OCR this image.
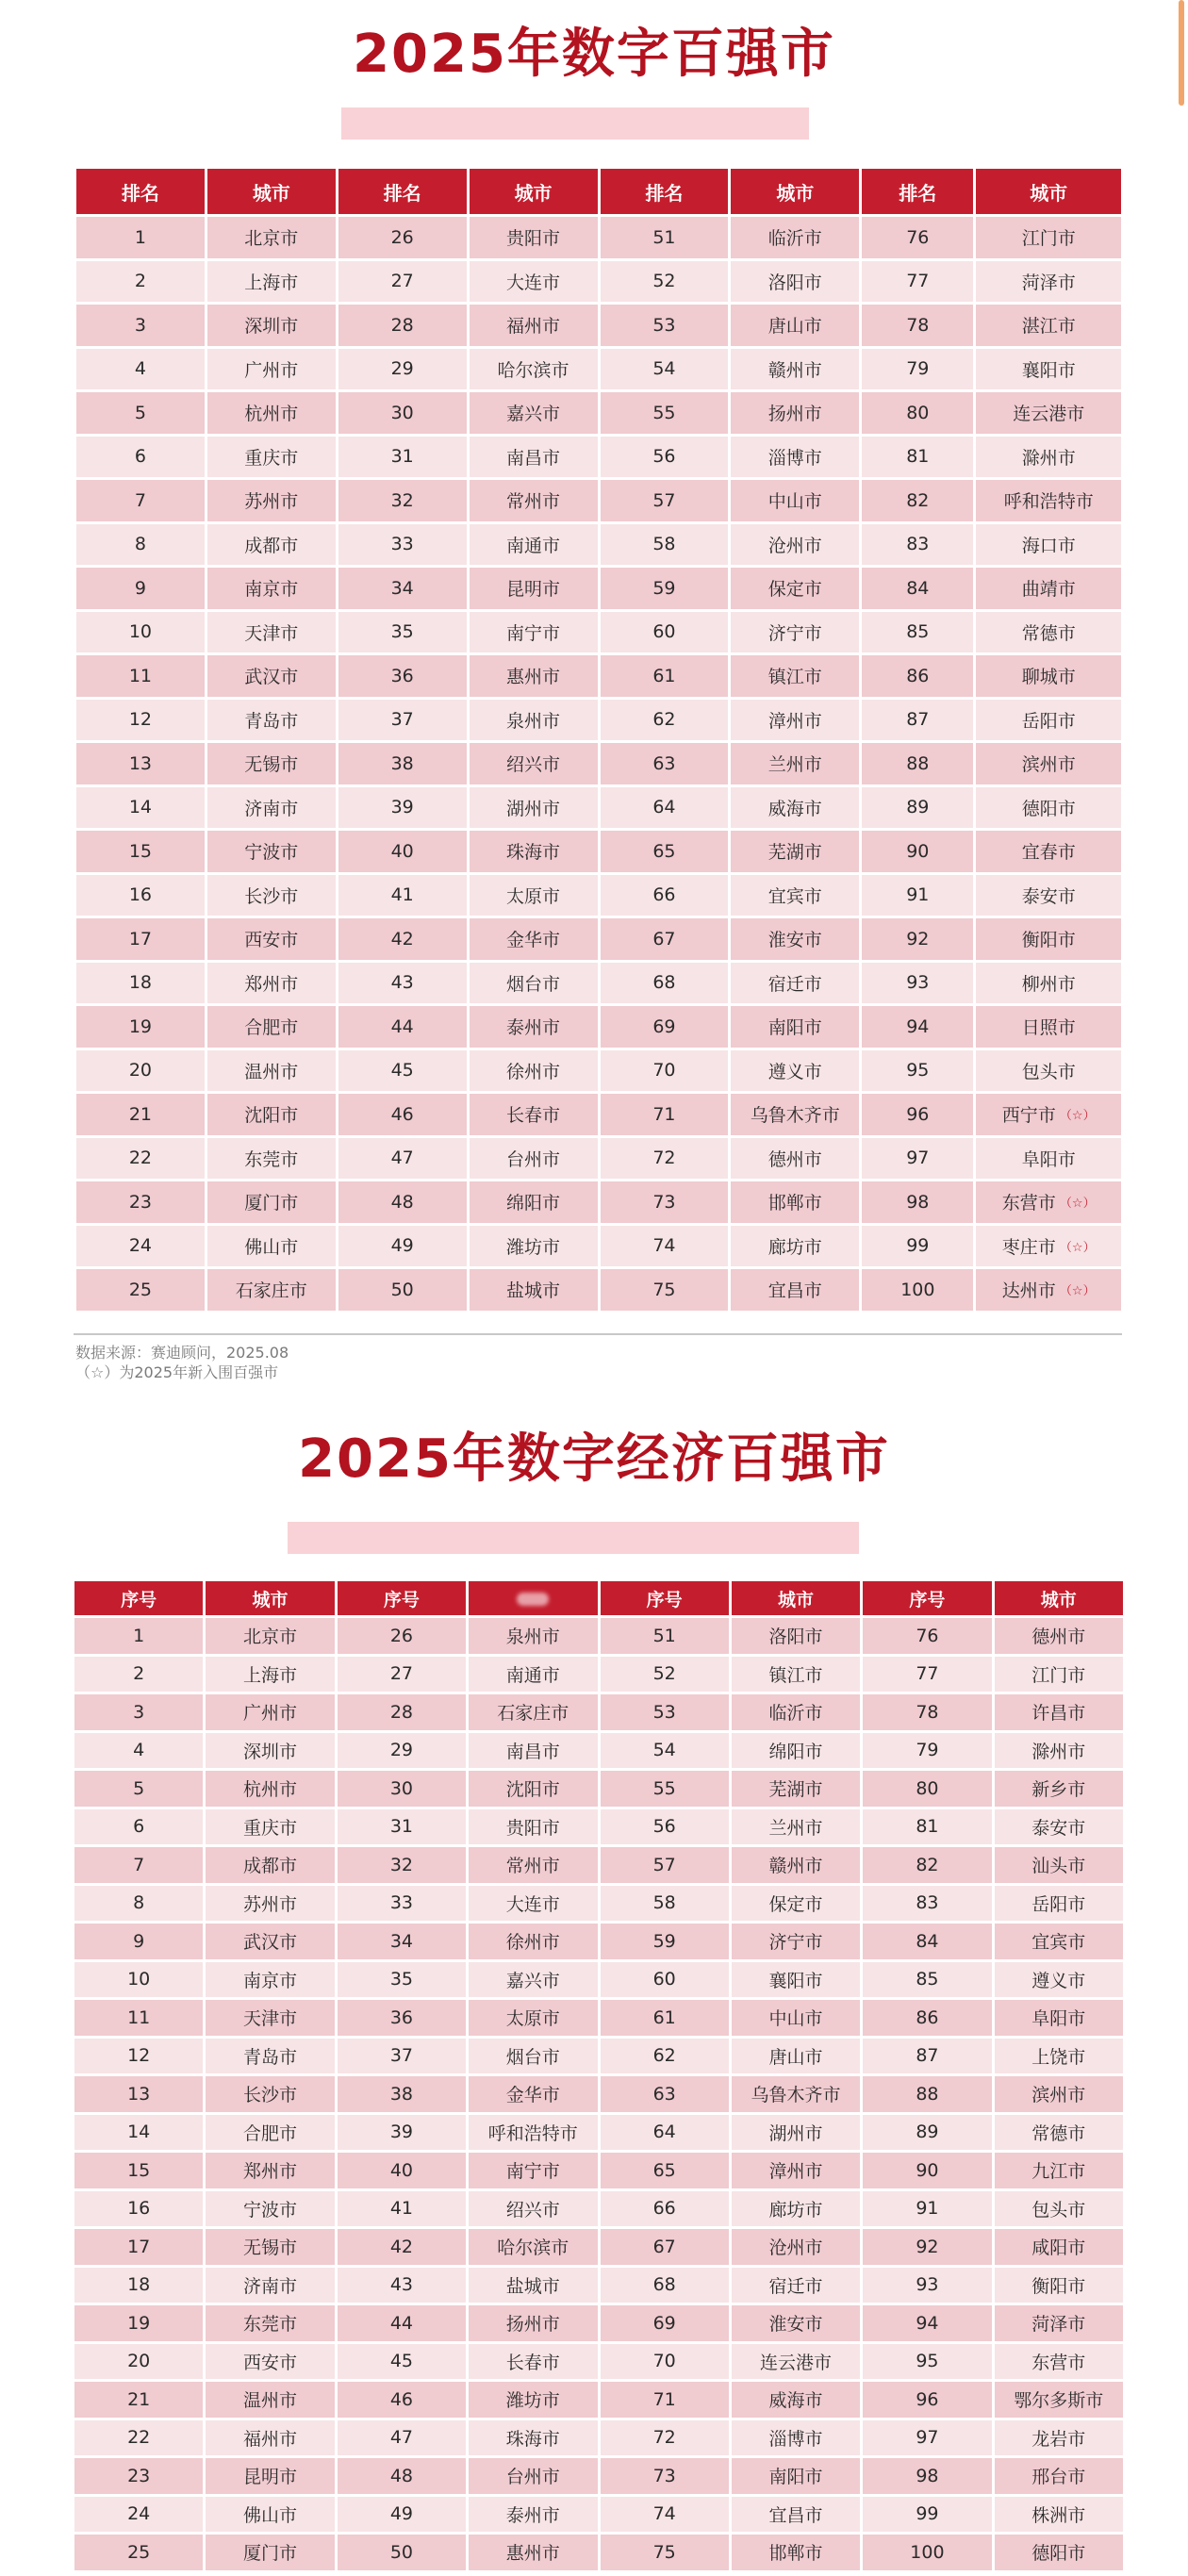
2025年数字百强市
排名	城市	排名	城市	排名	城市	排名	城市
1	北京市	26	贵阳市	51	临沂市	76	江门市
2	上海市	27	大连市	52	洛阳市	77	菏泽市
3	深圳市	28	福州市	53	唐山市	78	湛江市
4	广州市	29	哈尔滨市	54	赣州市	79	襄阳市
5	杭州市	30	嘉兴市	55	扬州市	80	连云港市
6	重庆市	31	南昌市	56	淄博市	81	滁州市
7	苏州市	32	常州市	57	中山市	82	呼和浩特市
8	成都市	33	南通市	58	沧州市	83	海口市
9	南京市	34	昆明市	59	保定市	84	曲靖市
10	天津市	35	南宁市	60	济宁市	85	常德市
11	武汉市	36	惠州市	61	镇江市	86	聊城市
12	青岛市	37	泉州市	62	漳州市	87	岳阳市
13	无锡市	38	绍兴市	63	兰州市	88	滨州市
14	济南市	39	湖州市	64	威海市	89	德阳市
15	宁波市	40	珠海市	65	芜湖市	90	宜春市
16	长沙市	41	太原市	66	宜宾市	91	泰安市
17	西安市	42	金华市	67	淮安市	92	衡阳市
18	郑州市	43	烟台市	68	宿迁市	93	柳州市
19	合肥市	44	泰州市	69	南阳市	94	日照市
20	温州市	45	徐州市	70	遵义市	95	包头市
21	沈阳市	46	长春市	71	乌鲁木齐市	96	西宁市 （☆）
22	东莞市	47	台州市	72	德州市	97	阜阳市
23	厦门市	48	绵阳市	73	邯郸市	98	东营市 （☆）
24	佛山市	49	潍坊市	74	廊坊市	99	枣庄市 （☆）
25	石家庄市	50	盐城市	75	宜昌市	100	达州市 （☆）
数据来源：赛迪顾问，2025.08
（☆）为2025年新入围百强市
2025年数字经济百强市
序号	城市	序号		序号	城市	序号	城市
1	北京市	26	泉州市	51	洛阳市	76	德州市
2	上海市	27	南通市	52	镇江市	77	江门市
3	广州市	28	石家庄市	53	临沂市	78	许昌市
4	深圳市	29	南昌市	54	绵阳市	79	滁州市
5	杭州市	30	沈阳市	55	芜湖市	80	新乡市
6	重庆市	31	贵阳市	56	兰州市	81	泰安市
7	成都市	32	常州市	57	赣州市	82	汕头市
8	苏州市	33	大连市	58	保定市	83	岳阳市
9	武汉市	34	徐州市	59	济宁市	84	宜宾市
10	南京市	35	嘉兴市	60	襄阳市	85	遵义市
11	天津市	36	太原市	61	中山市	86	阜阳市
12	青岛市	37	烟台市	62	唐山市	87	上饶市
13	长沙市	38	金华市	63	乌鲁木齐市	88	滨州市
14	合肥市	39	呼和浩特市	64	湖州市	89	常德市
15	郑州市	40	南宁市	65	漳州市	90	九江市
16	宁波市	41	绍兴市	66	廊坊市	91	包头市
17	无锡市	42	哈尔滨市	67	沧州市	92	咸阳市
18	济南市	43	盐城市	68	宿迁市	93	衡阳市
19	东莞市	44	扬州市	69	淮安市	94	菏泽市
20	西安市	45	长春市	70	连云港市	95	东营市
21	温州市	46	潍坊市	71	威海市	96	鄂尔多斯市
22	福州市	47	珠海市	72	淄博市	97	龙岩市
23	昆明市	48	台州市	73	南阳市	98	邢台市
24	佛山市	49	泰州市	74	宜昌市	99	株洲市
25	厦门市	50	惠州市	75	邯郸市	100	德阳市
